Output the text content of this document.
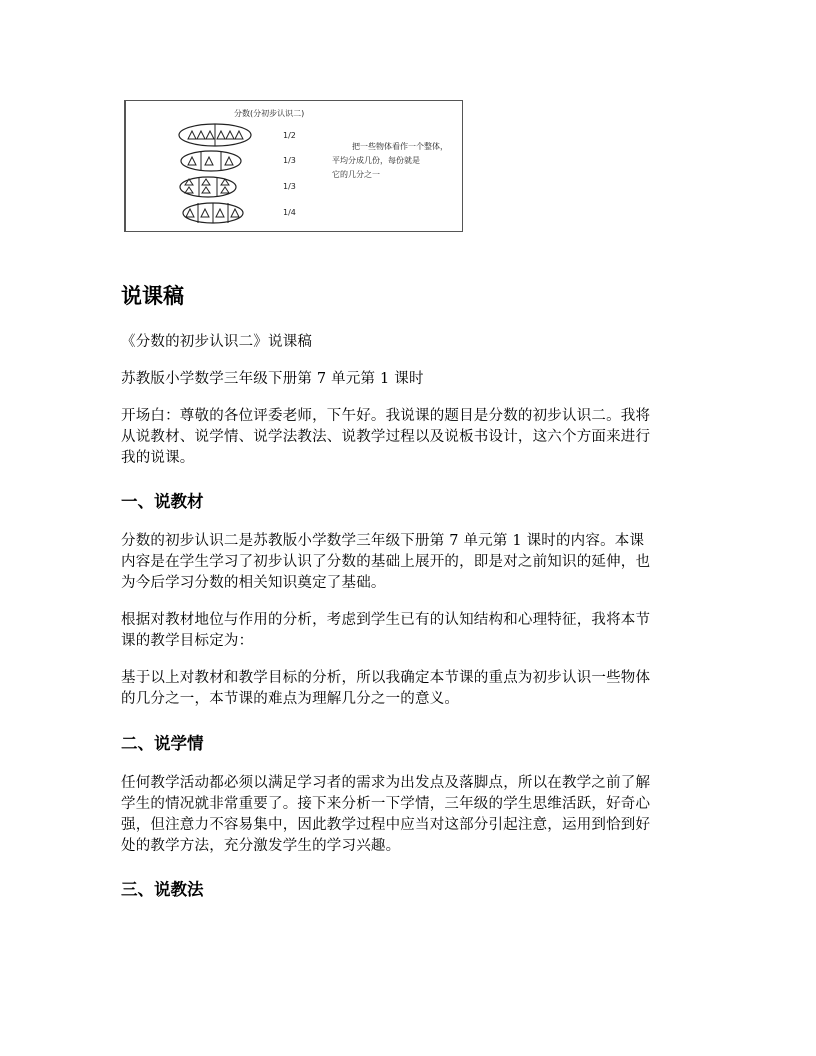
分数(分初步认识二)
1/2
1/3
1/3
1/4
把一些物体看作一个整体，
平均分成几份，每份就是
它的几分之一
说课稿

《分数的初步认识二》说课稿

苏教版小学数学三年级下册第 7 单元第 1 课时

开场白：尊敬的各位评委老师，下午好。我说课的题目是分数的初步认识二。我将
从说教材、说学情、说学法教法、说教学过程以及说板书设计，这六个方面来进行
我的说课。

一、说教材

分数的初步认识二是苏教版小学数学三年级下册第 7 单元第 1 课时的内容。本课
内容是在学生学习了初步认识了分数的基础上展开的，即是对之前知识的延伸，也
为今后学习分数的相关知识奠定了基础。

根据对教材地位与作用的分析，考虑到学生已有的认知结构和心理特征，我将本节
课的教学目标定为：

基于以上对教材和教学目标的分析，所以我确定本节课的重点为初步认识一些物体
的几分之一，本节课的难点为理解几分之一的意义。

二、说学情

任何教学活动都必须以满足学习者的需求为出发点及落脚点，所以在教学之前了解
学生的情况就非常重要了。接下来分析一下学情，三年级的学生思维活跃，好奇心
强，但注意力不容易集中，因此教学过程中应当对这部分引起注意，运用到恰到好
处的教学方法，充分激发学生的学习兴趣。

三、说教法
